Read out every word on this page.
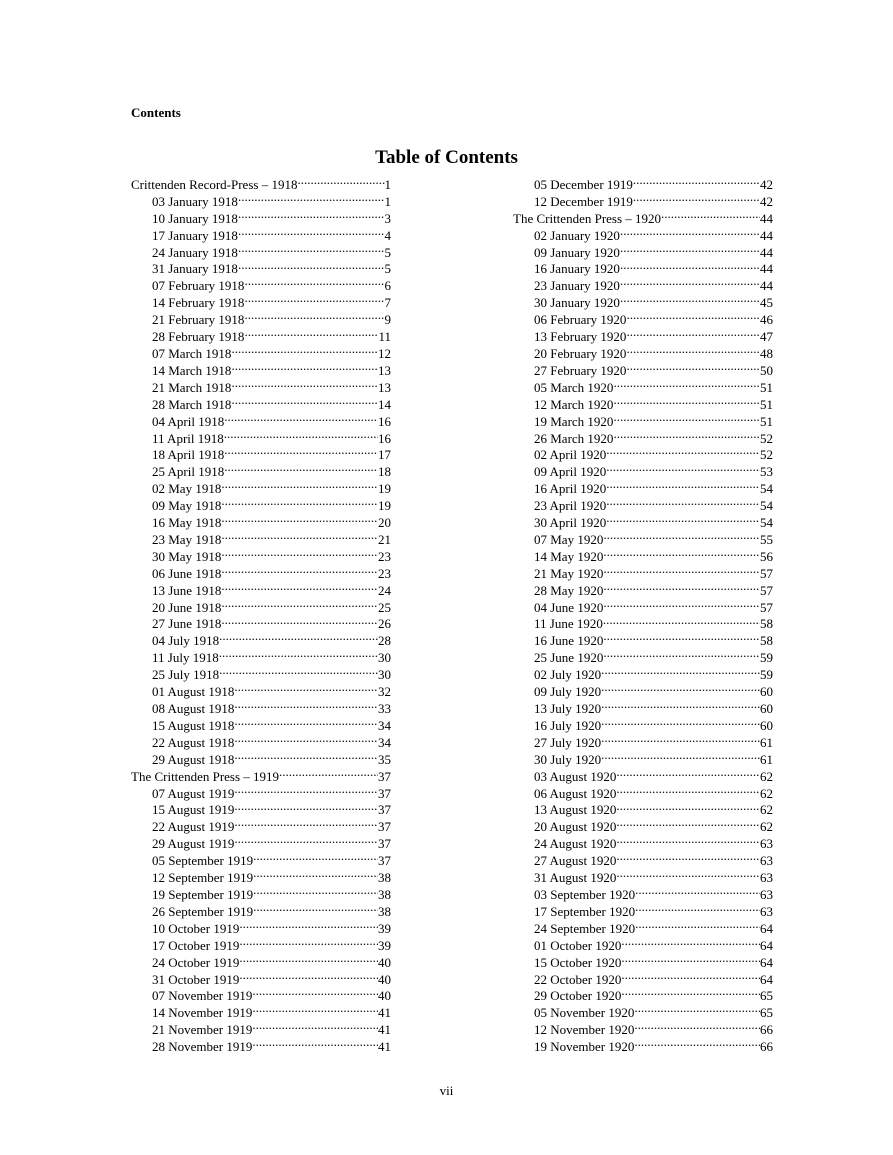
Contents
Table of Contents
Crittenden Record-Press – 1918 .....	1
03 January 1918 .....	1
10 January 1918 .....	3
17 January 1918 .....	4
24 January 1918 .....	5
31 January 1918 .....	5
07 February 1918 .....	6
14 February 1918 .....	7
21 February 1918 .....	9
28 February 1918 .....	11
07 March 1918 .....	12
14 March 1918 .....	13
21 March 1918 .....	13
28 March 1918 .....	14
04 April 1918 .....	16
11 April 1918 .....	16
18 April 1918 .....	17
25 April 1918 .....	18
02 May 1918 .....	19
09 May 1918 .....	19
16 May 1918 .....	20
23 May 1918 .....	21
30 May 1918 .....	23
06 June 1918 .....	23
13 June 1918 .....	24
20 June 1918 .....	25
27 June 1918 .....	26
04 July 1918 .....	28
11 July 1918 .....	30
25 July 1918 .....	30
01 August 1918 .....	32
08 August 1918 .....	33
15 August 1918 .....	34
22 August 1918 .....	34
29 August 1918 .....	35
The Crittenden Press – 1919 .....	37
07 August 1919 .....	37
15 August 1919 .....	37
22 August 1919 .....	37
29 August 1919 .....	37
05 September 1919 .....	37
12 September 1919 .....	38
19 September 1919 .....	38
26 September 1919 .....	38
10 October 1919 .....	39
17 October 1919 .....	39
24 October 1919 .....	40
31 October 1919 .....	40
07 November 1919 .....	40
14 November 1919 .....	41
21 November 1919 .....	41
28 November 1919 .....	41
05 December 1919 .....	42
12 December 1919 .....	42
The Crittenden Press – 1920 .....	44
02 January 1920 .....	44
09 January 1920 .....	44
16 January 1920 .....	44
23 January 1920 .....	44
30 January 1920 .....	45
06 February 1920 .....	46
13 February 1920 .....	47
20 February 1920 .....	48
27 February 1920 .....	50
05 March 1920 .....	51
12 March 1920 .....	51
19 March 1920 .....	51
26 March 1920 .....	52
02 April 1920 .....	52
09 April 1920 .....	53
16 April 1920 .....	54
23 April 1920 .....	54
30 April 1920 .....	54
07 May 1920 .....	55
14 May 1920 .....	56
21 May 1920 .....	57
28 May 1920 .....	57
04 June 1920 .....	57
11 June 1920 .....	58
16 June 1920 .....	58
25 June 1920 .....	59
02 July 1920 .....	59
09 July 1920 .....	60
13 July 1920 .....	60
16 July 1920 .....	60
27 July 1920 .....	61
30 July 1920 .....	61
03 August 1920 .....	62
06 August 1920 .....	62
13 August 1920 .....	62
20 August 1920 .....	62
24 August 1920 .....	63
27 August 1920 .....	63
31 August 1920 .....	63
03 September 1920 .....	63
17 September 1920 .....	63
24 September 1920 .....	64
01 October 1920 .....	64
15 October 1920 .....	64
22 October 1920 .....	64
29 October 1920 .....	65
05 November 1920 .....	65
12 November 1920 .....	66
19 November 1920 .....	66
vii
